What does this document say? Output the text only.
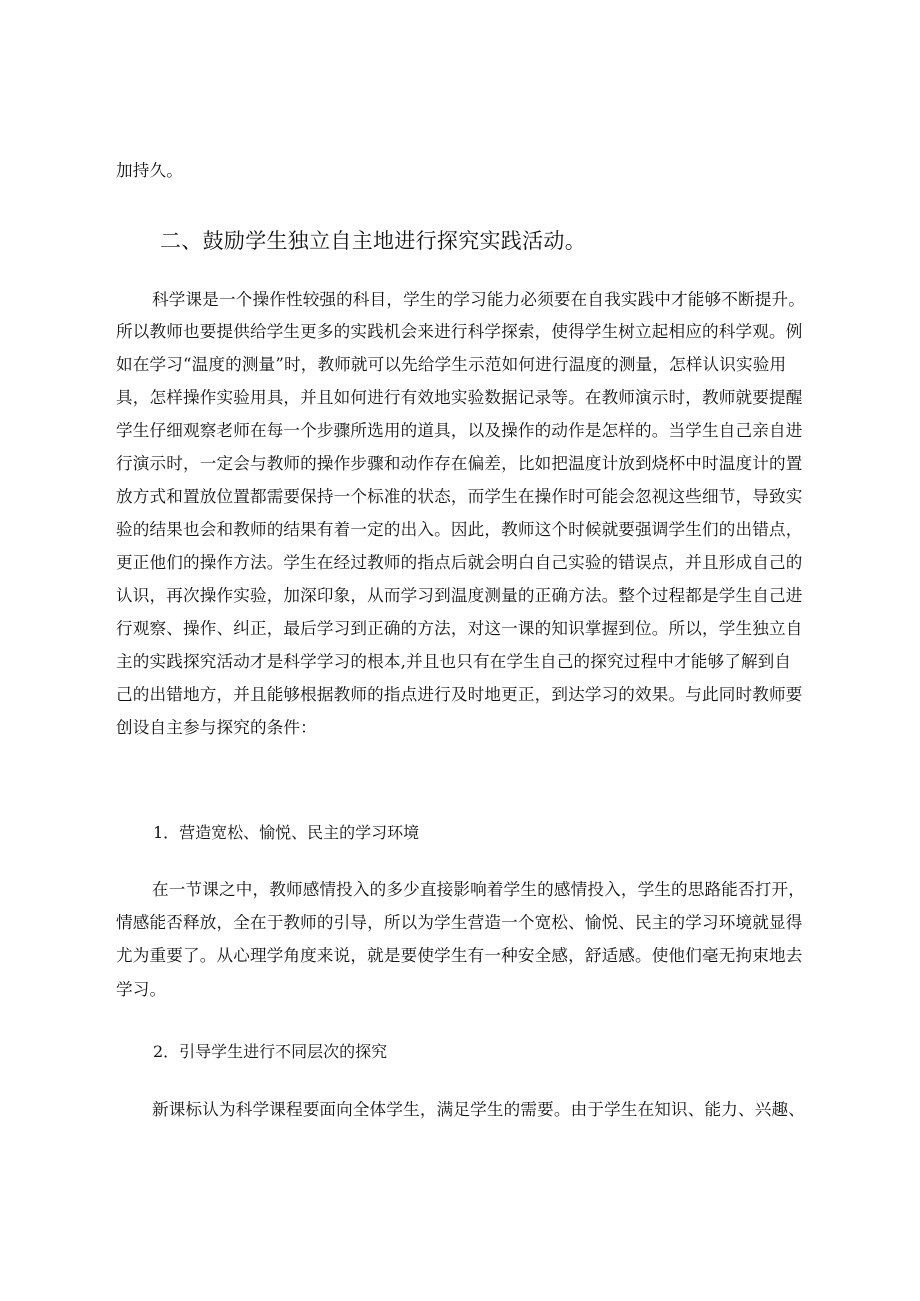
加持久。
二、鼓励学生独立自主地进行探究实践活动。
科学课是一个操作性较强的科目，学生的学习能力必须要在自我实践中才能够不断提升。
所以教师也要提供给学生更多的实践机会来进行科学探索，使得学生树立起相应的科学观。例
如在学习“温度的测量”时，教师就可以先给学生示范如何进行温度的测量，怎样认识实验用
具，怎样操作实验用具，并且如何进行有效地实验数据记录等。在教师演示时，教师就要提醒
学生仔细观察老师在每一个步骤所选用的道具，以及操作的动作是怎样的。当学生自己亲自进
行演示时，一定会与教师的操作步骤和动作存在偏差，比如把温度计放到烧杯中时温度计的置
放方式和置放位置都需要保持一个标准的状态，而学生在操作时可能会忽视这些细节，导致实
验的结果也会和教师的结果有着一定的出入。因此，教师这个时候就要强调学生们的出错点，
更正他们的操作方法。学生在经过教师的指点后就会明白自己实验的错误点，并且形成自己的
认识，再次操作实验，加深印象，从而学习到温度测量的正确方法。整个过程都是学生自己进
行观察、操作、纠正，最后学习到正确的方法，对这一课的知识掌握到位。所以，学生独立自
主的实践探究活动才是科学学习的根本,并且也只有在学生自己的探究过程中才能够了解到自
己的出错地方，并且能够根据教师的指点进行及时地更正，到达学习的效果。与此同时教师要
创设自主参与探究的条件：
1．营造宽松、愉悦、民主的学习环境
在一节课之中，教师感情投入的多少直接影响着学生的感情投入，学生的思路能否打开，
情感能否释放，全在于教师的引导，所以为学生营造一个宽松、愉悦、民主的学习环境就显得
尤为重要了。从心理学角度来说，就是要使学生有一种安全感，舒适感。使他们毫无拘束地去
学习。
2．引导学生进行不同层次的探究
新课标认为科学课程要面向全体学生，满足学生的需要。由于学生在知识、能力、兴趣、
